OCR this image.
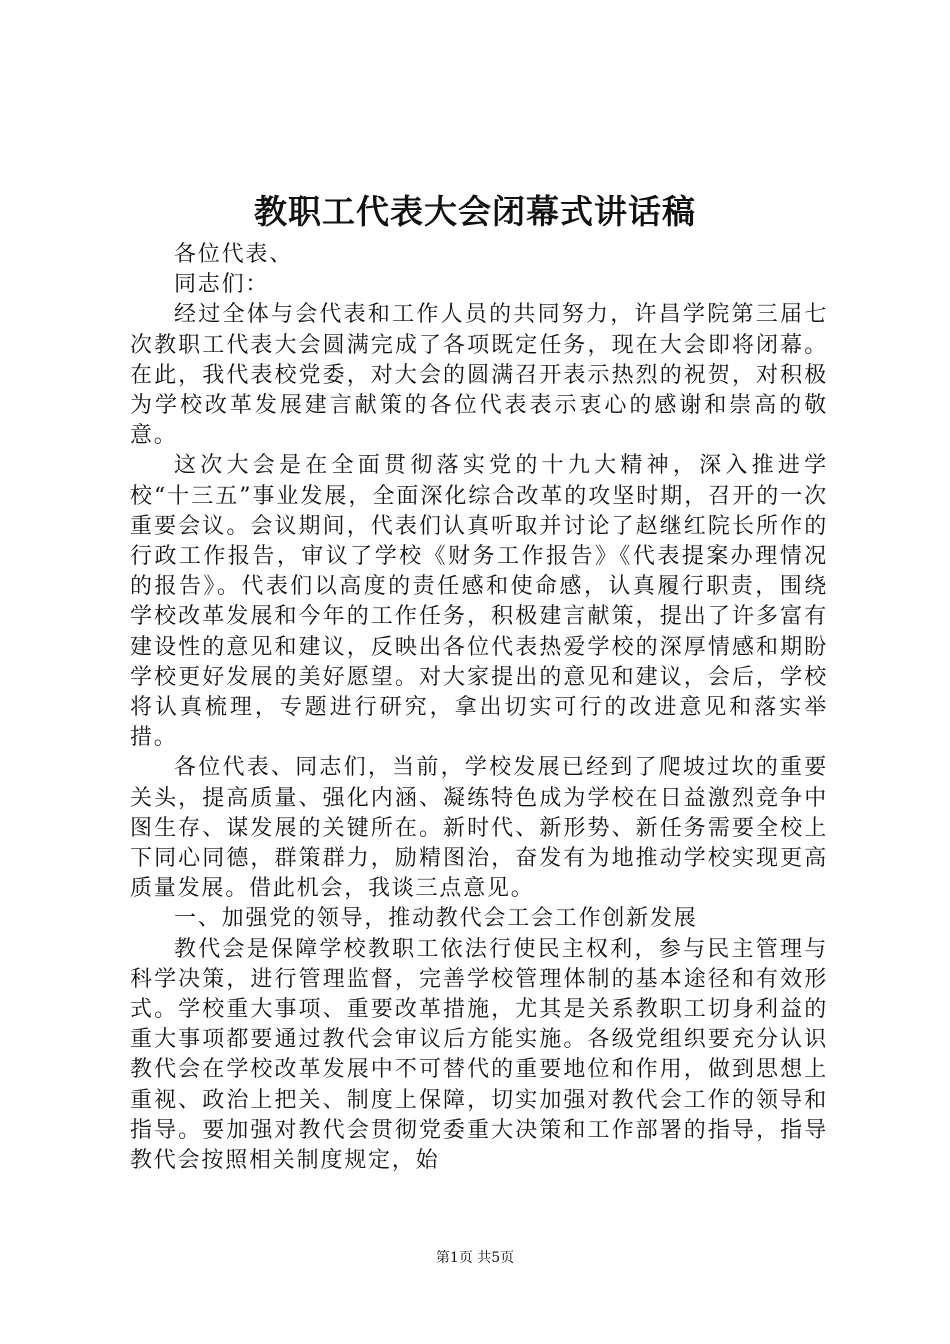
教职工代表大会闭幕式讲话稿

各位代表、

同志们：

经过全体与会代表和工作人员的共同努力，许昌学院第三届七次教职工代表大会圆满完成了各项既定任务，现在大会即将闭幕。在此，我代表校党委，对大会的圆满召开表示热烈的祝贺，对积极为学校改革发展建言献策的各位代表表示衷心的感谢和崇高的敬意。

这次大会是在全面贯彻落实党的十九大精神，深入推进学校“十三五”事业发展，全面深化综合改革的攻坚时期，召开的一次重要会议。会议期间，代表们认真听取并讨论了赵继红院长所作的行政工作报告，审议了学校《财务工作报告》《代表提案办理情况的报告》。代表们以高度的责任感和使命感，认真履行职责，围绕学校改革发展和今年的工作任务，积极建言献策，提出了许多富有建设性的意见和建议，反映出各位代表热爱学校的深厚情感和期盼学校更好发展的美好愿望。对大家提出的意见和建议，会后，学校将认真梳理，专题进行研究，拿出切实可行的改进意见和落实举措。

各位代表、同志们，当前，学校发展已经到了爬坡过坎的重要关头，提高质量、强化内涵、凝练特色成为学校在日益激烈竞争中图生存、谋发展的关键所在。新时代、新形势、新任务需要全校上下同心同德，群策群力，励精图治，奋发有为地推动学校实现更高质量发展。借此机会，我谈三点意见。

一、加强党的领导，推动教代会工会工作创新发展

教代会是保障学校教职工依法行使民主权利，参与民主管理与科学决策，进行管理监督，完善学校管理体制的基本途径和有效形式。学校重大事项、重要改革措施，尤其是关系教职工切身利益的重大事项都要通过教代会审议后方能实施。各级党组织要充分认识教代会在学校改革发展中不可替代的重要地位和作用，做到思想上重视、政治上把关、制度上保障，切实加强对教代会工作的领导和指导。要加强对教代会贯彻党委重大决策和工作部署的指导，指导教代会按照相关制度规定，始

第1页 共5页
